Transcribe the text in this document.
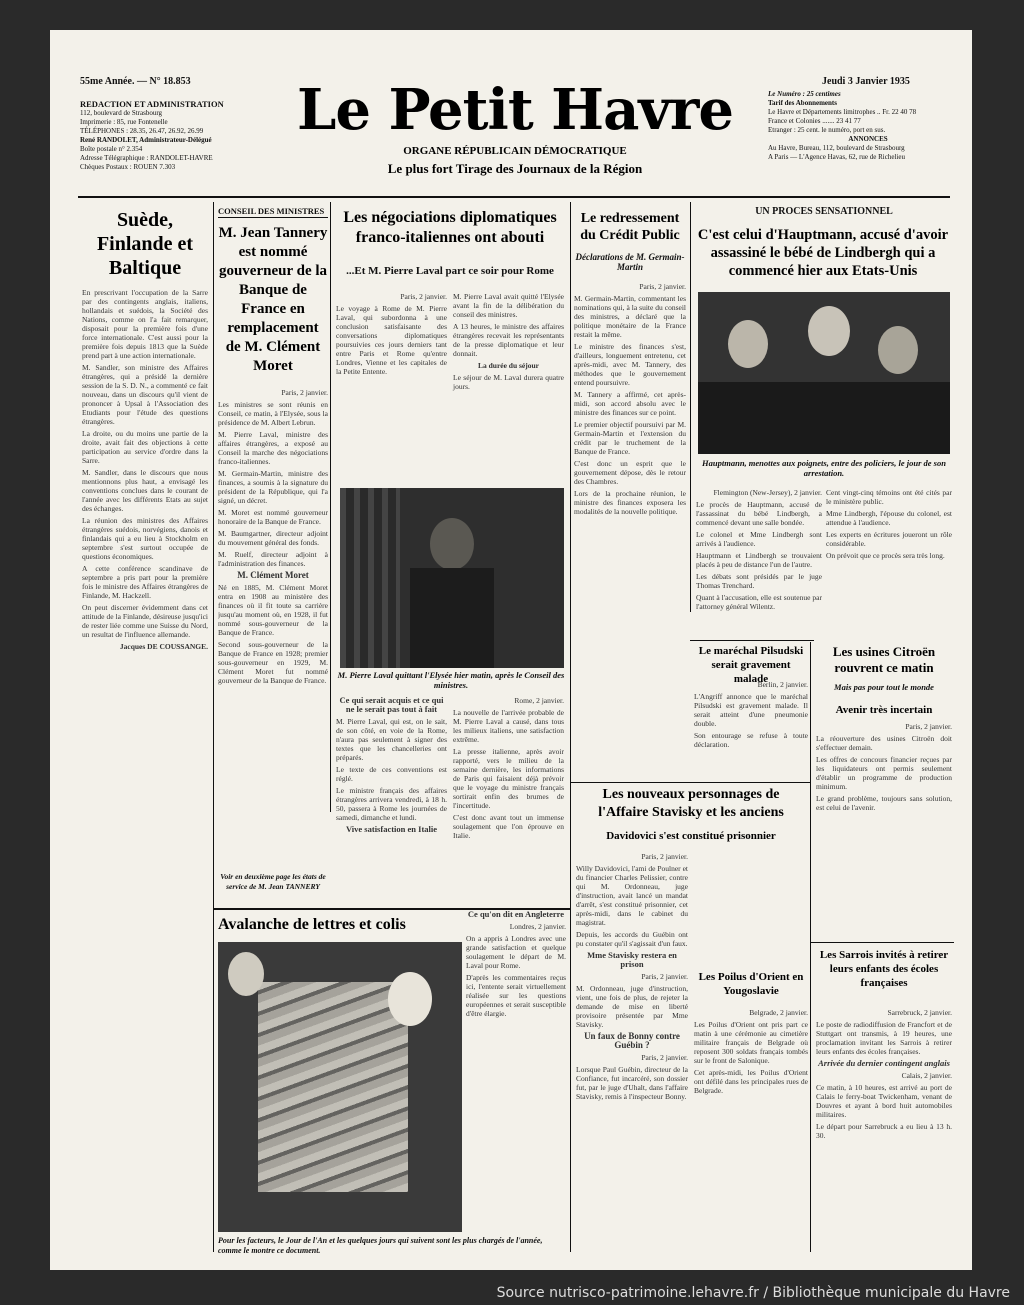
55me Année. — N° 18.853	Jeudi 3 Janvier 1935
Le Petit Havre
ORGANE RÉPUBLICAIN DÉMOCRATIQUE
Le plus fort Tirage des Journaux de la Région
REDACTION ET ADMINISTRATION
112, boulevard de Strasbourg
Imprimerie : 85, rue Fontenelle
TÉLÉPHONES : 28.35, 26.47, 26.92, 26.99
René RANDOLET, Administrateur-Délégué
Boîte postale n° 2.354
Adresse Télégraphique : RANDOLET-HAVRE
Chèques Postaux : ROUEN 7.303
Le Numéro : 25 centimes
Tarif des Abonnements
Le Havre et Départements limitrophes .. Fr. 22 40 78
France et Colonies ....... 23 41 77
Etranger : 25 cent. le numéro, port en sus.
ANNONCES
Au Havre, Bureau, 112, boulevard de Strasbourg
A Paris — L'Agence Havas, 62, rue de Richelieu
Suède, Finlande et Baltique

En prescrivant l'occupation de la Sarre par des contingents anglais, italiens, hollandais et suédois, la Société des Nations, comme on l'a fait remarquer, disposait pour la première fois d'une force internationale. C'est aussi pour la première fois depuis 1813 que la Suède prend part à une action internationale.

M. Sandler, son ministre des Affaires étrangères, qui a présidé la dernière session de la S. D. N., a commenté ce fait nouveau, dans un discours qu'il vient de prononcer à Upsal à l'Association des Etudiants pour l'étude des questions étrangères.

La droite, ou du moins une partie de la droite, avait fait des objections à cette participation au service d'ordre dans la Sarre.

M. Sandler, dans le discours que nous mentionnons plus haut, a envisagé les conventions conclues dans le courant de l'année avec les différents Etats au sujet des échanges.

La réunion des ministres des Affaires étrangères suédois, norvégiens, danois et finlandais qui a eu lieu à Stockholm en septembre s'est surtout occupée de questions économiques.

A cette conférence scandinave de septembre a pris part pour la première fois le ministre des Affaires étrangères de Finlande, M. Hackzell.

On peut discerner évidemment dans cet attitude de la Finlande, désireuse jusqu'ici de rester liée comme une Suisse du Nord, un resultat de l'influence allemande.

Jacques DE COUSSANGE.

CONSEIL DES MINISTRES
M. Jean Tannery est nommé gouverneur de la Banque de France en remplacement de M. Clément Moret

Paris, 2 janvier.

Les ministres se sont réunis en Conseil, ce matin, à l'Elysée, sous la présidence de M. Albert Lebrun.

M. Pierre Laval, ministre des affaires étrangères, a exposé au Conseil la marche des négociations franco-italiennes.

M. Germain-Martin, ministre des finances, a soumis à la signature du président de la République, qui l'a signé, un décret.

M. Moret est nommé gouverneur honoraire de la Banque de France.

M. Baumgartner, directeur adjoint du mouvement général des fonds.

M. Ruelf, directeur adjoint à l'administration des finances.

M. Clément Moret

Né en 1885, M. Clément Moret entra en 1908 au ministère des finances où il fit toute sa carrière jusqu'au moment où, en 1928, il fut nommé sous-gouverneur de la Banque de France.

Second sous-gouverneur de la Banque de France en 1928; premier sous-gouverneur en 1929, M. Clément Moret fut nommé gouverneur de la Banque de France.

Voir en deuxième page les états de service de M. Jean TANNERY
Avalanche de lettres et colis
Pour les facteurs, le Jour de l'An et les quelques jours qui suivent sont les plus chargés de l'année, comme le montre ce document.
Les négociations diplomatiques franco-italiennes ont abouti
...Et M. Pierre Laval part ce soir pour Rome

Paris, 2 janvier.

Le voyage à Rome de M. Pierre Laval, qui subordonna à une conclusion satisfaisante des conversations diplomatiques poursuivies ces jours derniers tant entre Paris et Rome qu'entre Londres, Vienne et les capitales de la Petite Entente.

M. Pierre Laval avait quitté l'Elysée avant la fin de la délibération du conseil des ministres.

A 13 heures, le ministre des affaires étrangères recevait les représentants de la presse diplomatique et leur donnait.

La durée du séjour

Le séjour de M. Laval durera quatre jours.

M. Pierre Laval quittant l'Elysée hier matin, après le Conseil des ministres.

Ce qui serait acquis et ce qui ne le serait pas tout à fait

M. Pierre Laval, qui est, on le sait, de son côté, en voie de la Rome, n'aura pas seulement à signer des textes que les chancelleries ont préparés.

Le texte de ces conventions est réglé.

Le ministre français des affaires étrangères arrivera vendredi, à 18 h. 50, passera à Rome les journées de samedi, dimanche et lundi.

Vive satisfaction en Italie

Rome, 2 janvier.

La nouvelle de l'arrivée probable de M. Pierre Laval a causé, dans tous les milieux italiens, une satisfaction extrême.

La presse italienne, après avoir rapporté, vers le milieu de la semaine dernière, les informations de Paris qui faisaient déjà prévoir que le voyage du ministre français sortirait enfin des brumes de l'incertitude.

C'est donc avant tout un immense soulagement que l'on éprouve en Italie.

Ce qu'on dit en Angleterre

Londres, 2 janvier.

On a appris à Londres avec une grande satisfaction et quelque soulagement le départ de M. Laval pour Rome.

D'après les commentaires reçus ici, l'entente serait virtuellement réalisée sur les questions européennes et serait susceptible d'être élargie.

Le redressement du Crédit Public
Déclarations de M. Germain-Martin

Paris, 2 janvier.

M. Germain-Martin, commentant les nominations qui, à la suite du conseil des ministres, a déclaré que la politique monétaire de la France restait la même.

Le ministre des finances s'est, d'ailleurs, longuement entretenu, cet après-midi, avec M. Tannery, des méthodes que le gouvernement entend poursuivre.

M. Tannery a affirmé, cet après-midi, son accord absolu avec le ministre des finances sur ce point.

Le premier objectif poursuivi par M. Germain-Martin et l'extension du crédit par le truchement de la Banque de France.

C'est donc un esprit que le gouvernement dépose, dès le retour des Chambres.

Lors de la prochaine réunion, le ministre des finances exposera les modalités de la nouvelle politique.

UN PROCES SENSATIONNEL
C'est celui d'Hauptmann, accusé d'avoir assassiné le bébé de Lindbergh qui a commencé hier aux Etats-Unis
Hauptmann, menottes aux poignets, entre des policiers, le jour de son arrestation.

Flemington (New-Jersey), 2 janvier.

Le procès de Hauptmann, accusé de l'assassinat du bébé Lindbergh, a commencé devant une salle bondée.

Le colonel et Mme Lindbergh sont arrivés à l'audience.

Hauptmann et Lindbergh se trouvaient placés à peu de distance l'un de l'autre.

Les débats sont présidés par le juge Thomas Trenchard.

Quant à l'accusation, elle est soutenue par l'attorney général Wilentz.

Cent vingt-cinq témoins ont été cités par le ministère public.

Mme Lindbergh, l'épouse du colonel, est attendue à l'audience.

Les experts en écritures joueront un rôle considérable.

On prévoit que ce procès sera très long.

Le maréchal Pilsudski serait gravement malade

Berlin, 2 janvier.

L'Angriff annonce que le maréchal Pilsudski est gravement malade. Il serait atteint d'une pneumonie double.

Son entourage se refuse à toute déclaration.

Les usines Citroën rouvrent ce matin
Mais pas pour tout le monde
Avenir très incertain

Paris, 2 janvier.

La réouverture des usines Citroën doit s'effectuer demain.

Les offres de concours financier reçues par les liquidateurs ont permis seulement d'établir un programme de production minimum.

Le grand problème, toujours sans solution, est celui de l'avenir.

Les nouveaux personnages de l'Affaire Stavisky et les anciens
Davidovici s'est constitué prisonnier

Paris, 2 janvier.

Willy Davidovici, l'ami de Poulner et du financier Charles Pelissier, contre qui M. Ordonneau, juge d'instruction, avait lancé un mandat d'arrêt, s'est constitué prisonnier, cet après-midi, dans le cabinet du magistrat.

Depuis, les accords du Guébin ont pu constater qu'il s'agissait d'un faux.

Mme Stavisky restera en prison

Paris, 2 janvier.

M. Ordonneau, juge d'instruction, vient, une fois de plus, de rejeter la demande de mise en liberté provisoire présentée par Mme Stavisky.

Un faux de Bonny contre Guébin ?

Paris, 2 janvier.

Lorsque Paul Guébin, directeur de la Confiance, fut incarcéré, son dossier fut, par le juge d'Uhalt, dans l'affaire Stavisky, remis à l'inspecteur Bonny.

Les Poilus d'Orient en Yougoslavie

Belgrade, 2 janvier.

Les Poilus d'Orient ont pris part ce matin à une cérémonie au cimetière militaire français de Belgrade où reposent 300 soldats français tombés sur le front de Salonique.

Cet après-midi, les Poilus d'Orient ont défilé dans les principales rues de Belgrade.

Les Sarrois invités à retirer leurs enfants des écoles françaises

Sarrebruck, 2 janvier.

Le poste de radiodiffusion de Francfort et de Stuttgart ont transmis, à 19 heures, une proclamation invitant les Sarrois à retirer leurs enfants des écoles françaises.

Arrivée du dernier contingent anglais

Calais, 2 janvier.

Ce matin, à 10 heures, est arrivé au port de Calais le ferry-boat Twickenham, venant de Douvres et ayant à bord huit automobiles militaires.

Le départ pour Sarrebruck a eu lieu à 13 h. 30.

Source nutrisco-patrimoine.lehavre.fr / Bibliothèque municipale du Havre
